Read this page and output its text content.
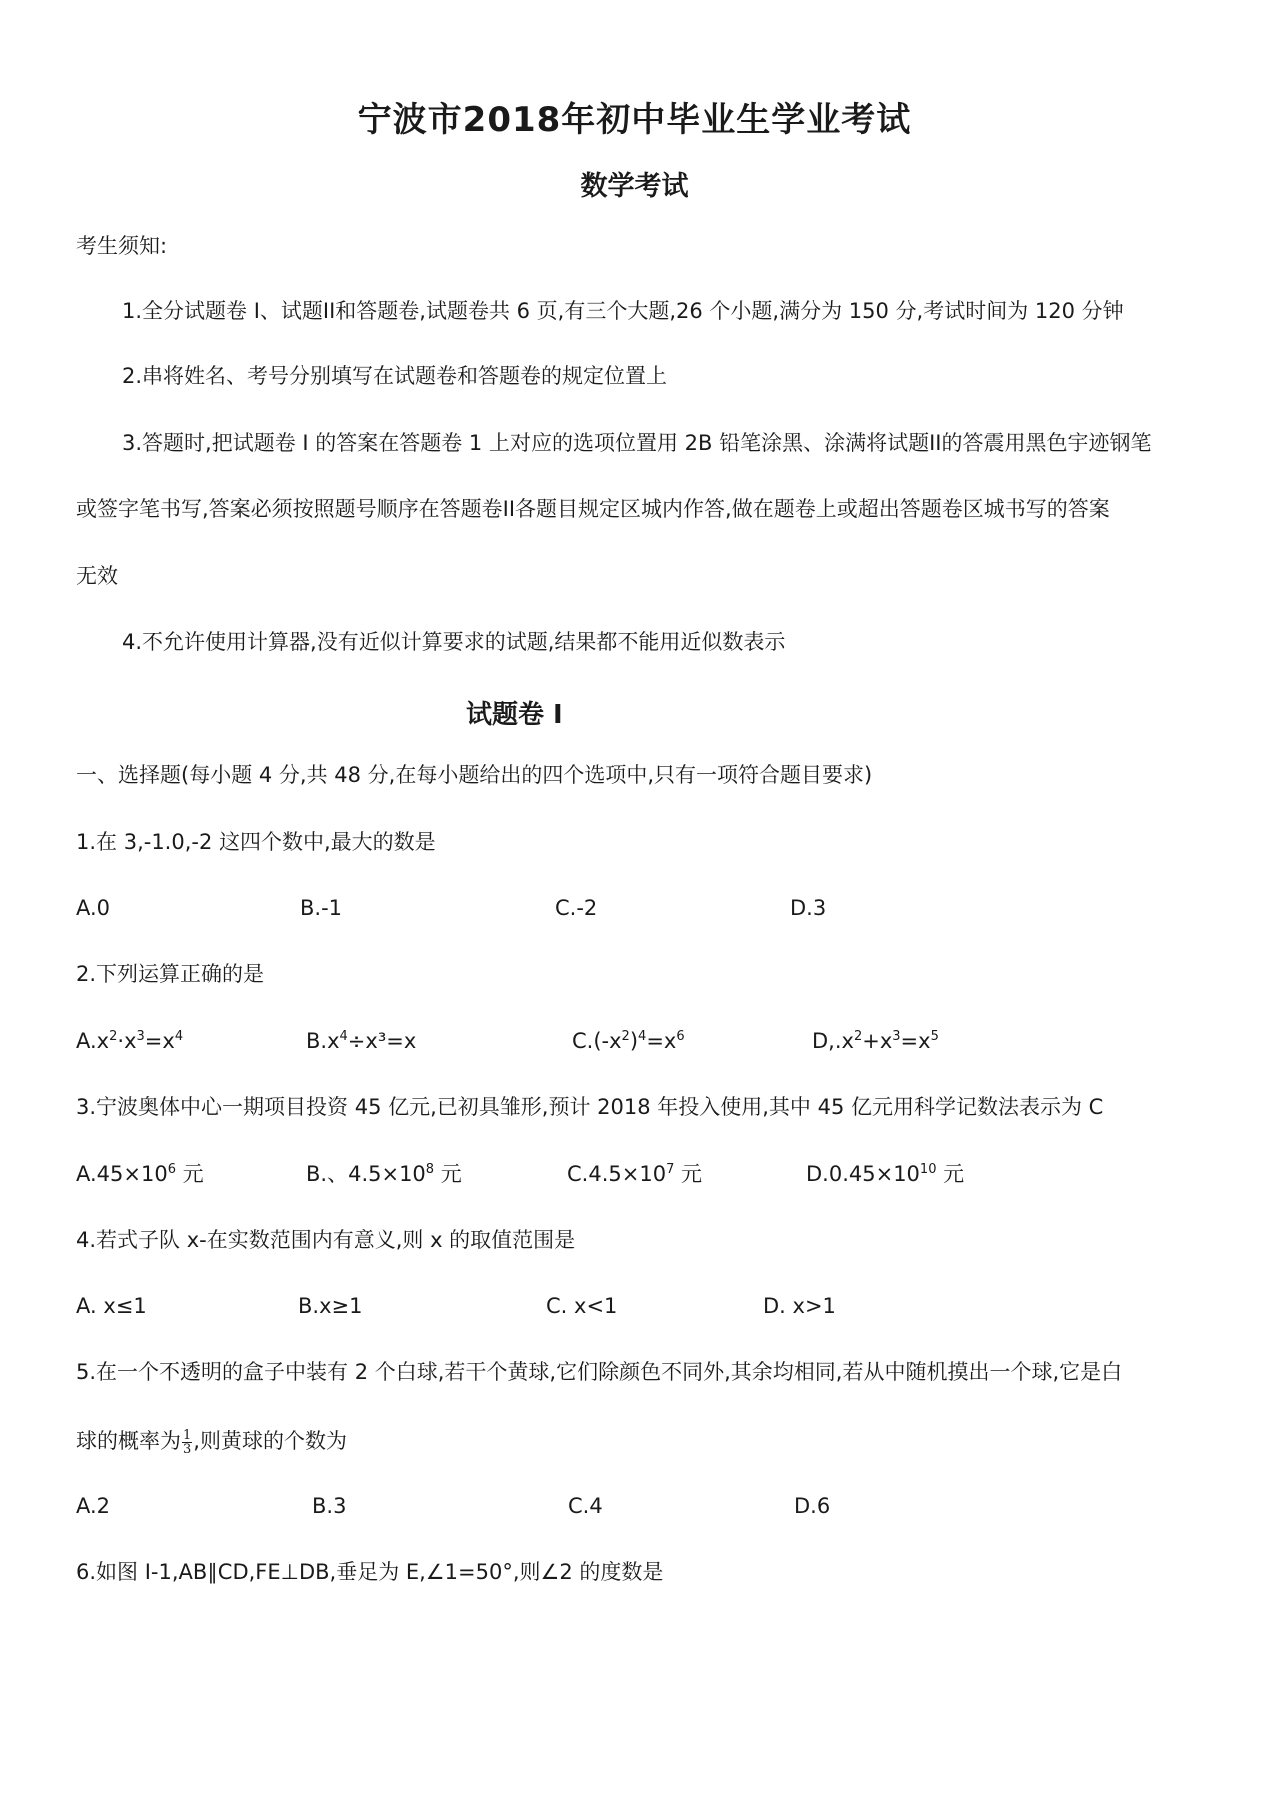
宁波市2018年初中毕业生学业考试
数学考试
考生须知:
1.全分试题卷 I、试题II和答题卷,试题卷共 6 页,有三个大题,26 个小题,满分为 150 分,考试时间为 120 分钟
2.串将姓名、考号分别填写在试题卷和答题卷的规定位置上
3.答题时,把试题卷 I 的答案在答题卷 1 上对应的选项位置用 2B 铅笔涂黑、涂满将试题II的答震用黑色宇迹钢笔
或签字笔书写,答案必须按照题号顺序在答题卷II各题目规定区城内作答,做在题卷上或超出答题卷区城书写的答案
无效
4.不允许使用计算器,没有近似计算要求的试题,结果都不能用近似数表示
试题卷 I
一、选择题(每小题 4 分,共 48 分,在每小题给出的四个选项中,只有一项符合题目要求)
1.在 3,-1.0,-2 这四个数中,最大的数是
A.0	B.-1	C.-2	D.3
2.下列运算正确的是
$A.x^2\cdot x^3=x^4$	$B.x^4\div x^3=x$	$C.(-x^2)^4=x^6$	$D,.x^2+x^3=x^5$
3.宁波奥体中心一期项目投资 45 亿元,已初具雏形,预计 2018 年投入使用,其中 45 亿元用科学记数法表示为 C
$A.45\times 10^6$ 元	B.、$4.5\times 10^8$ 元	$C.4.5\times 10^7$ 元	$D.0.45\times 10^{10}$ 元
4.若式子队 x-在实数范围内有意义,则 x 的取值范围是
A. x≤1	B.x≥1	C. x<1	D. x>1
5.在一个不透明的盒子中装有 2 个白球,若干个黄球,它们除颜色不同外,其余均相同,若从中随机摸出一个球,它是白
球的概率为 $\frac{1}{3}$ ,则黄球的个数为
A.2	B.3	C.4	D.6
6.如图 I-1,AB∥CD,FE⊥DB,垂足为 E,∠1=50°,则∠2 的度数是
